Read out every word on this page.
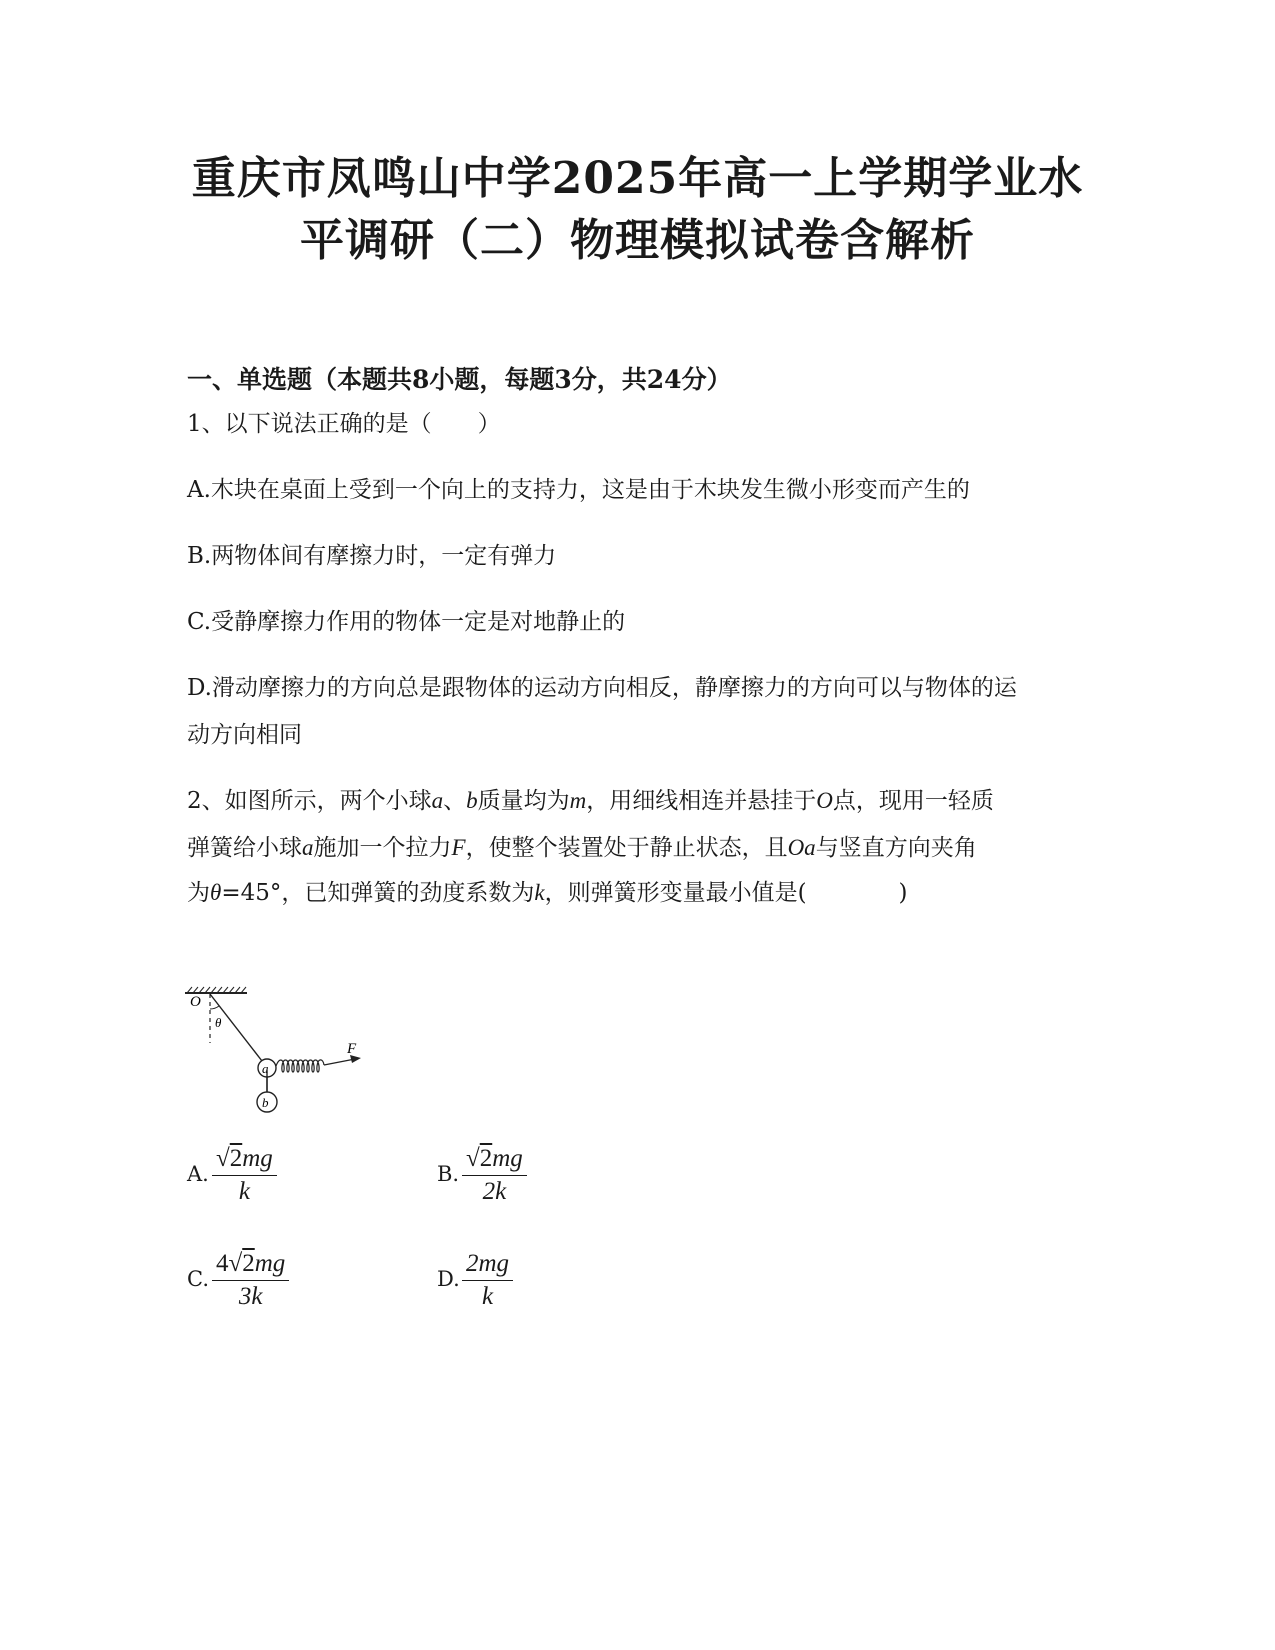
重庆市凤鸣山中学2025年高一上学期学业水
平调研（二）物理模拟试卷含解析
一、单选题（本题共8小题，每题3分，共24分）
1、以下说法正确的是（　　）
A.木块在桌面上受到一个向上的支持力，这是由于木块发生微小形变而产生的
B.两物体间有摩擦力时，一定有弹力
C.受静摩擦力作用的物体一定是对地静止的
D.滑动摩擦力的方向总是跟物体的运动方向相反，静摩擦力的方向可以与物体的运
动方向相同
2、如图所示，两个小球a、b质量均为m，用细线相连并悬挂于O点，现用一轻质
弹簧给小球a施加一个拉力F，使整个装置处于静止状态，且Oa与竖直方向夹角
为θ=45°，已知弹簧的劲度系数为k，则弹簧形变量最小值是(　　　　)
O
θ
a
F
b
A. $\frac{√2mg}{k}$	B. $\frac{√2mg}{2k}$
C. $\frac{4√2mg}{3k}$	D. $\frac{2mg}{k}$
